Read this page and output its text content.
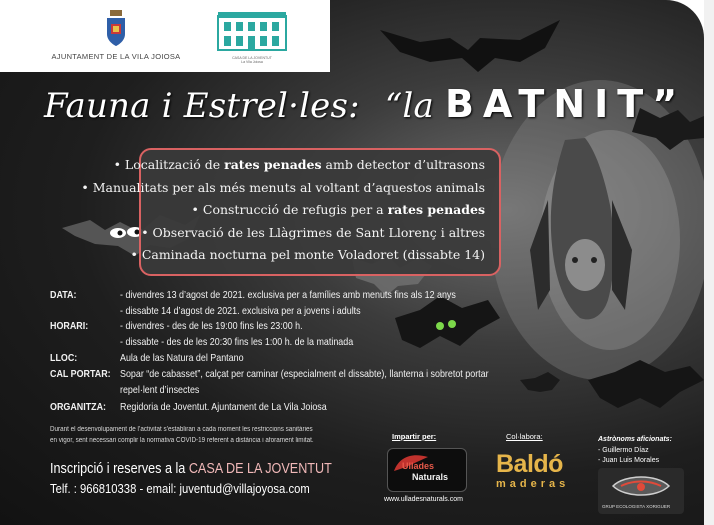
AJUNTAMENT DE LA VILA JOIOSA	CASA DE LA JOVENTUT
La Vila Joiosa
Fauna i Estrel·les: “la BATNIT”
• Localització de rates penades amb detector d’ultrasons
• Manualitats per als més menuts al voltant d’aquestos animals
• Construcció de refugis per a rates penades
• Observació de les Llàgrimes de Sant Llorenç i altres
• Caminada nocturna pel monte Voladoret (dissabte 14)
DATA:	- divendres 13 d’agost de 2021. exclusiva per a famílies amb menuts fins als 12 anys
- dissabte 14 d’agost de 2021. exclusiva per a jovens i adults
HORARI:	- divendres - des de les 19:00 fins les 23:00 h.
- dissabte - des de les 20:30 fins les 1:00 h. de la matinada
LLOC:	Aula de las Natura del Pantano
CAL PORTAR: Sopar “de cabasset”, calçat per caminar (especialment el dissabte), llanterna i sobretot portar
repel·lent d’insectes
ORGANITZA: Regidoria de Joventut. Ajuntament de La Vila Joiosa
Durant el desenvolupament de l’activitat s’establiran a cada moment les restriccions sanitàries
en vigor, sent necessari complir la normativa COVID-19 referent a distància i aforament limitat.
Inscripció i reserves a la CASA DE LA JOVENTUT
Telf. : 966810338 - email: juventud@villajoyosa.com
Impartir per:
Ullades
Naturals
www.ulladesnaturals.com
Col·labora:
Baldó
maderas
Astrònoms aficionats:
- Guillermo Díaz
- Juan Luis Morales
GRUP ECOLOGISTA XORIGUER
